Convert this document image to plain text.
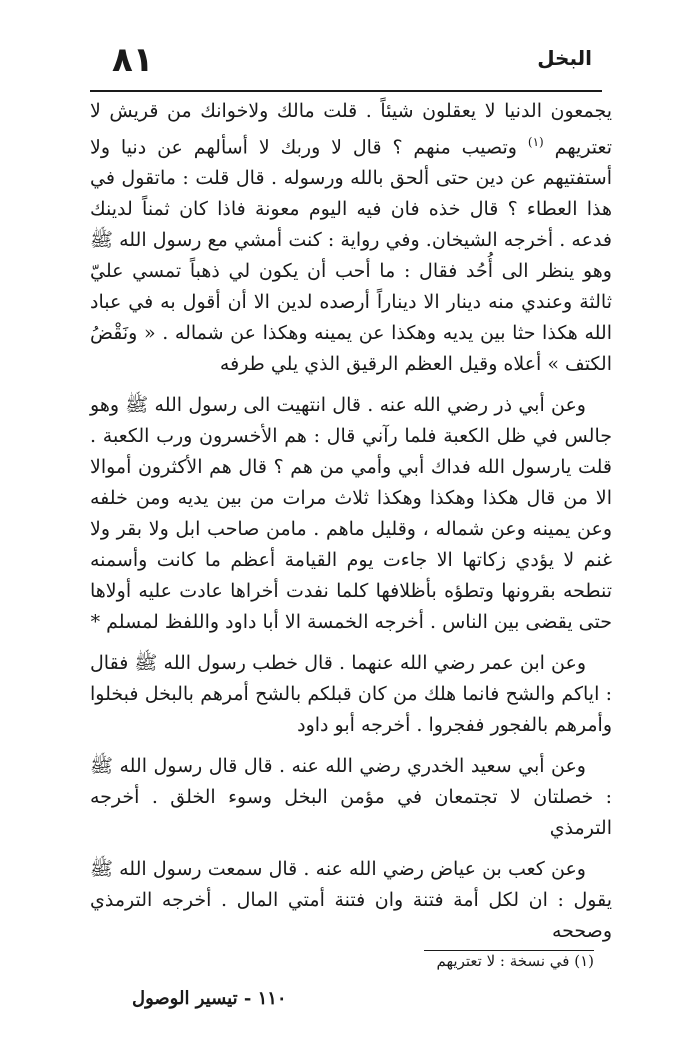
٨١	البخل

يجمعون الدنيا لا يعقلون شيئاً . قلت مالك ولاخوانك من قريش لا تعتريهم $^{(١)}$ وتصيب منهم ؟ قال لا وربك لا أسألهم عن دنيا ولا أستفتيهم عن دين حتى ألحق بالله ورسوله . قال قلت : ماتقول في هذا العطاء ؟ قال خذه فان فيه اليوم معونة فاذا كان ثمناً لدينك فدعه . أخرجه الشيخان. وفي رواية : كنت أمشي مع رسول الله ﷺ وهو ينظر الى أُحُد فقال : ما أحب أن يكون لي ذهباً تمسي عليّ ثالثة وعندي منه دينار الا ديناراً أرصده لدين الا أن أقول به في عباد الله هكذا حثا بين يديه وهكذا عن يمينه وهكذا عن شماله . « ونَقْضُ الكتف » أعلاه وقيل العظم الرقيق الذي يلي طرفه

وعن أبي ذر رضي الله عنه . قال انتهيت الى رسول الله ﷺ وهو جالس في ظل الكعبة فلما رآني قال : هم الأخسرون ورب الكعبة . قلت يارسول الله فداك أبي وأمي من هم ؟ قال هم الأكثرون أموالا الا من قال هكذا وهكذا وهكذا ثلاث مرات من بين يديه ومن خلفه وعن يمينه وعن شماله ، وقليل ماهم . مامن صاحب ابل ولا بقر ولا غنم لا يؤدي زكاتها الا جاءت يوم القيامة أعظم ما كانت وأسمنه تنطحه بقرونها وتطؤه بأظلافها كلما نفدت أخراها عادت عليه أولاها حتى يقضى بين الناس . أخرجه الخمسة الا أبا داود واللفظ لمسلم *

وعن ابن عمر رضي الله عنهما . قال خطب رسول الله ﷺ فقال : اياكم والشح فانما هلك من كان قبلكم بالشح أمرهم بالبخل فبخلوا وأمرهم بالفجور ففجروا . أخرجه أبو داود

وعن أبي سعيد الخدري رضي الله عنه . قال قال رسول الله ﷺ : خصلتان لا تجتمعان في مؤمن البخل وسوء الخلق . أخرجه الترمذي

وعن كعب بن عياض رضي الله عنه . قال سمعت رسول الله ﷺ يقول : ان لكل أمة فتنة وان فتنة أمتي المال . أخرجه الترمذي وصححه

(١) في نسخة : لا تعتريهم
١١٠ - تيسير الوصول
